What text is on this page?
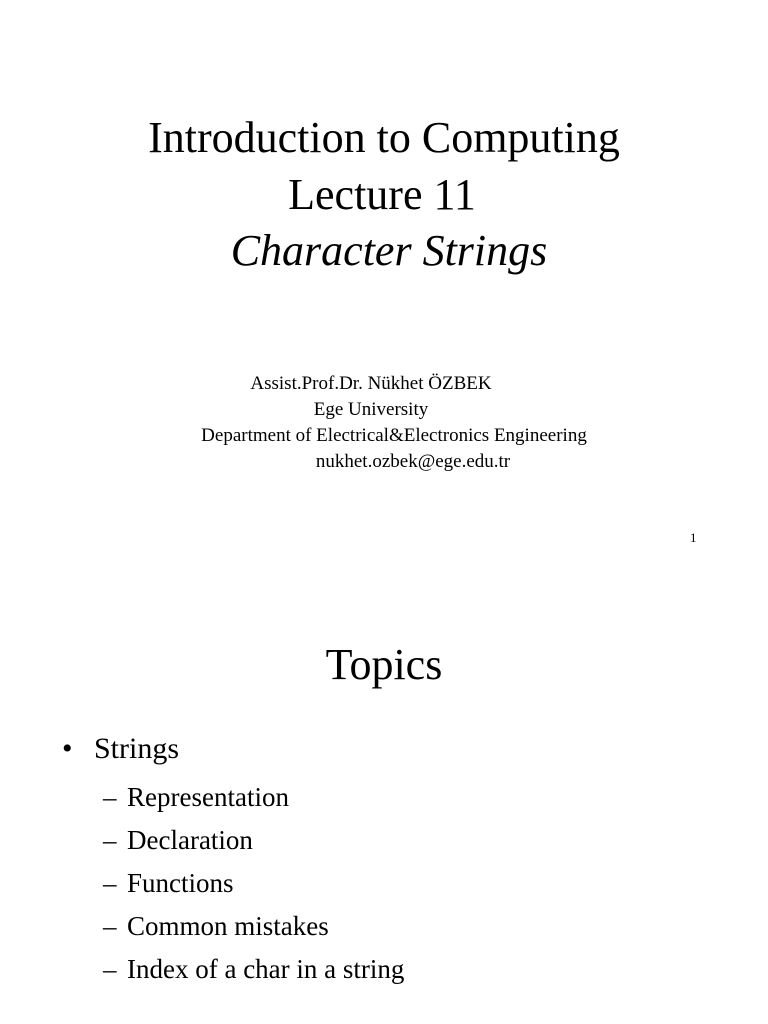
Introduction to Computing
Lecture 11
Character Strings
Assist.Prof.Dr. Nükhet ÖZBEK
Ege University
Department of Electrical&Electronics Engineering
nukhet.ozbek@ege.edu.tr
1
Topics
• Strings
– Representation
– Declaration
– Functions
– Common mistakes
– Index of a char in a string
